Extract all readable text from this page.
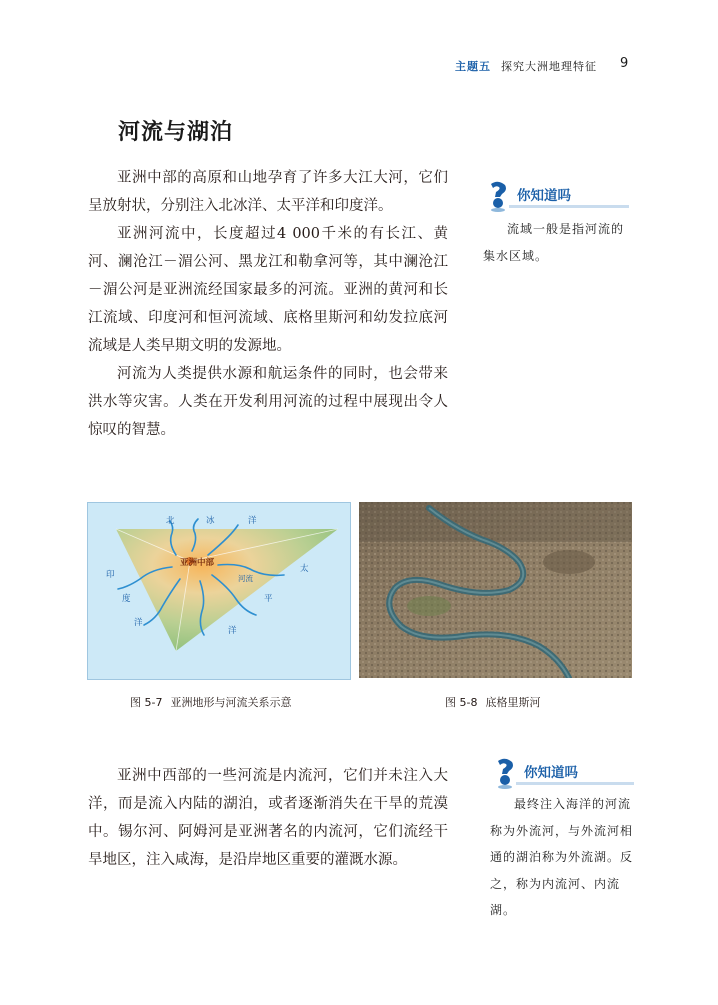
主题五 探究大洲地理特征 9
河流与湖泊

亚洲中部的高原和山地孕育了许多大江大河，它们呈放射状，分别注入北冰洋、太平洋和印度洋。

亚洲河流中，长度超过4 000千米的有长江、黄河、澜沧江－湄公河、黑龙江和勒拿河等，其中澜沧江－湄公河是亚洲流经国家最多的河流。亚洲的黄河和长江流域、印度河和恒河流域、底格里斯河和幼发拉底河流域是人类早期文明的发源地。

河流为人类提供水源和航运条件的同时，也会带来洪水等灾害。人类在开发利用河流的过程中展现出令人惊叹的智慧。

你知道吗

流域一般是指河流的集水区域。

北	冰	洋
太
平
洋
印
度
洋
河流
亚洲中部
图 5-7 亚洲地形与河流关系示意	图 5-8 底格里斯河

亚洲中西部的一些河流是内流河，它们并未注入大洋，而是流入内陆的湖泊，或者逐渐消失在干旱的荒漠中。锡尔河、阿姆河是亚洲著名的内流河，它们流经干旱地区，注入咸海，是沿岸地区重要的灌溉水源。

你知道吗

最终注入海洋的河流称为外流河，与外流河相通的湖泊称为外流湖。反之，称为内流河、内流湖。
